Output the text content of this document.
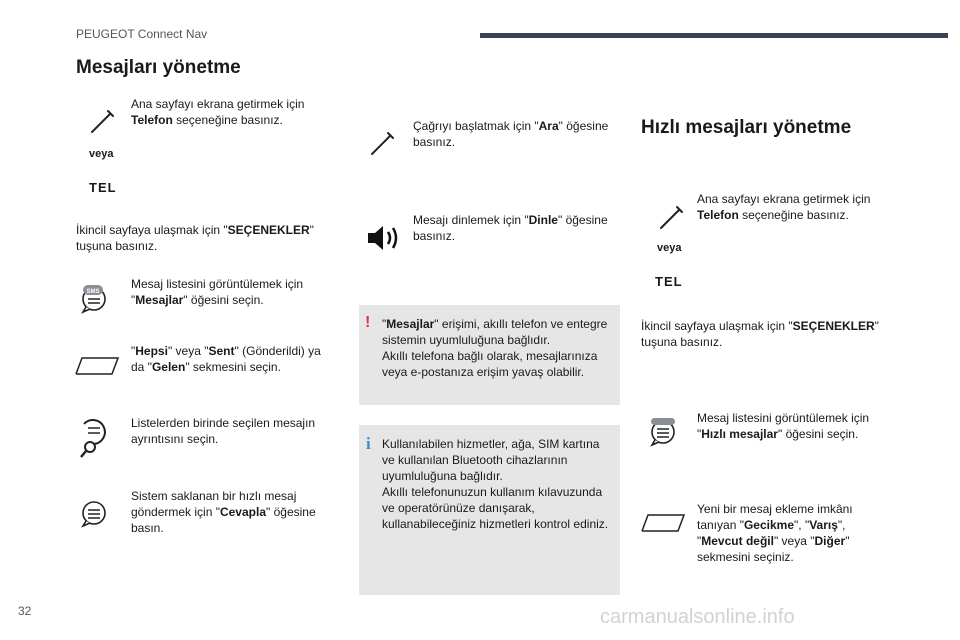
PEUGEOT Connect Nav
Mesajları yönetme
Ana sayfayı ekrana getirmek için
Telefon seçeneğine basınız.
veya
TEL
İkincil sayfaya ulaşmak için "SEÇENEKLER"
tuşuna basınız.
SMS
Mesaj listesini görüntülemek için
"Mesajlar" öğesini seçin.
"Hepsi" veya "Sent" (Gönderildi) ya
da "Gelen" sekmesini seçin.
Listelerden birinde seçilen mesajın
ayrıntısını seçin.
Sistem saklanan bir hızlı mesaj
göndermek için "Cevapla" öğesine
basın.
Çağrıyı başlatmak için "Ara" öğesine
basınız.
Mesajı dinlemek için "Dinle" öğesine
basınız.
! "Mesajlar" erişimi, akıllı telefon ve entegre
sistemin uyumluluğuna bağlıdır.
Akıllı telefona bağlı olarak, mesajlarınıza
veya e-postanıza erişim yavaş olabilir.
i Kullanılabilen hizmetler, ağa, SIM kartına
ve kullanılan Bluetooth cihazlarının
uyumluluğuna bağlıdır.
Akıllı telefonunuzun kullanım kılavuzunda
ve operatörünüze danışarak,
kullanabileceğiniz hizmetleri kontrol ediniz.
Hızlı mesajları yönetme
Ana sayfayı ekrana getirmek için
Telefon seçeneğine basınız.
veya
TEL
İkincil sayfaya ulaşmak için "SEÇENEKLER"
tuşuna basınız.
Mesaj listesini görüntülemek için
"Hızlı mesajlar" öğesini seçin.
Yeni bir mesaj ekleme imkânı
tanıyan "Gecikme", "Varış",
"Mevcut değil" veya "Diğer"
sekmesini seçiniz.
32	carmanualsonline.info
